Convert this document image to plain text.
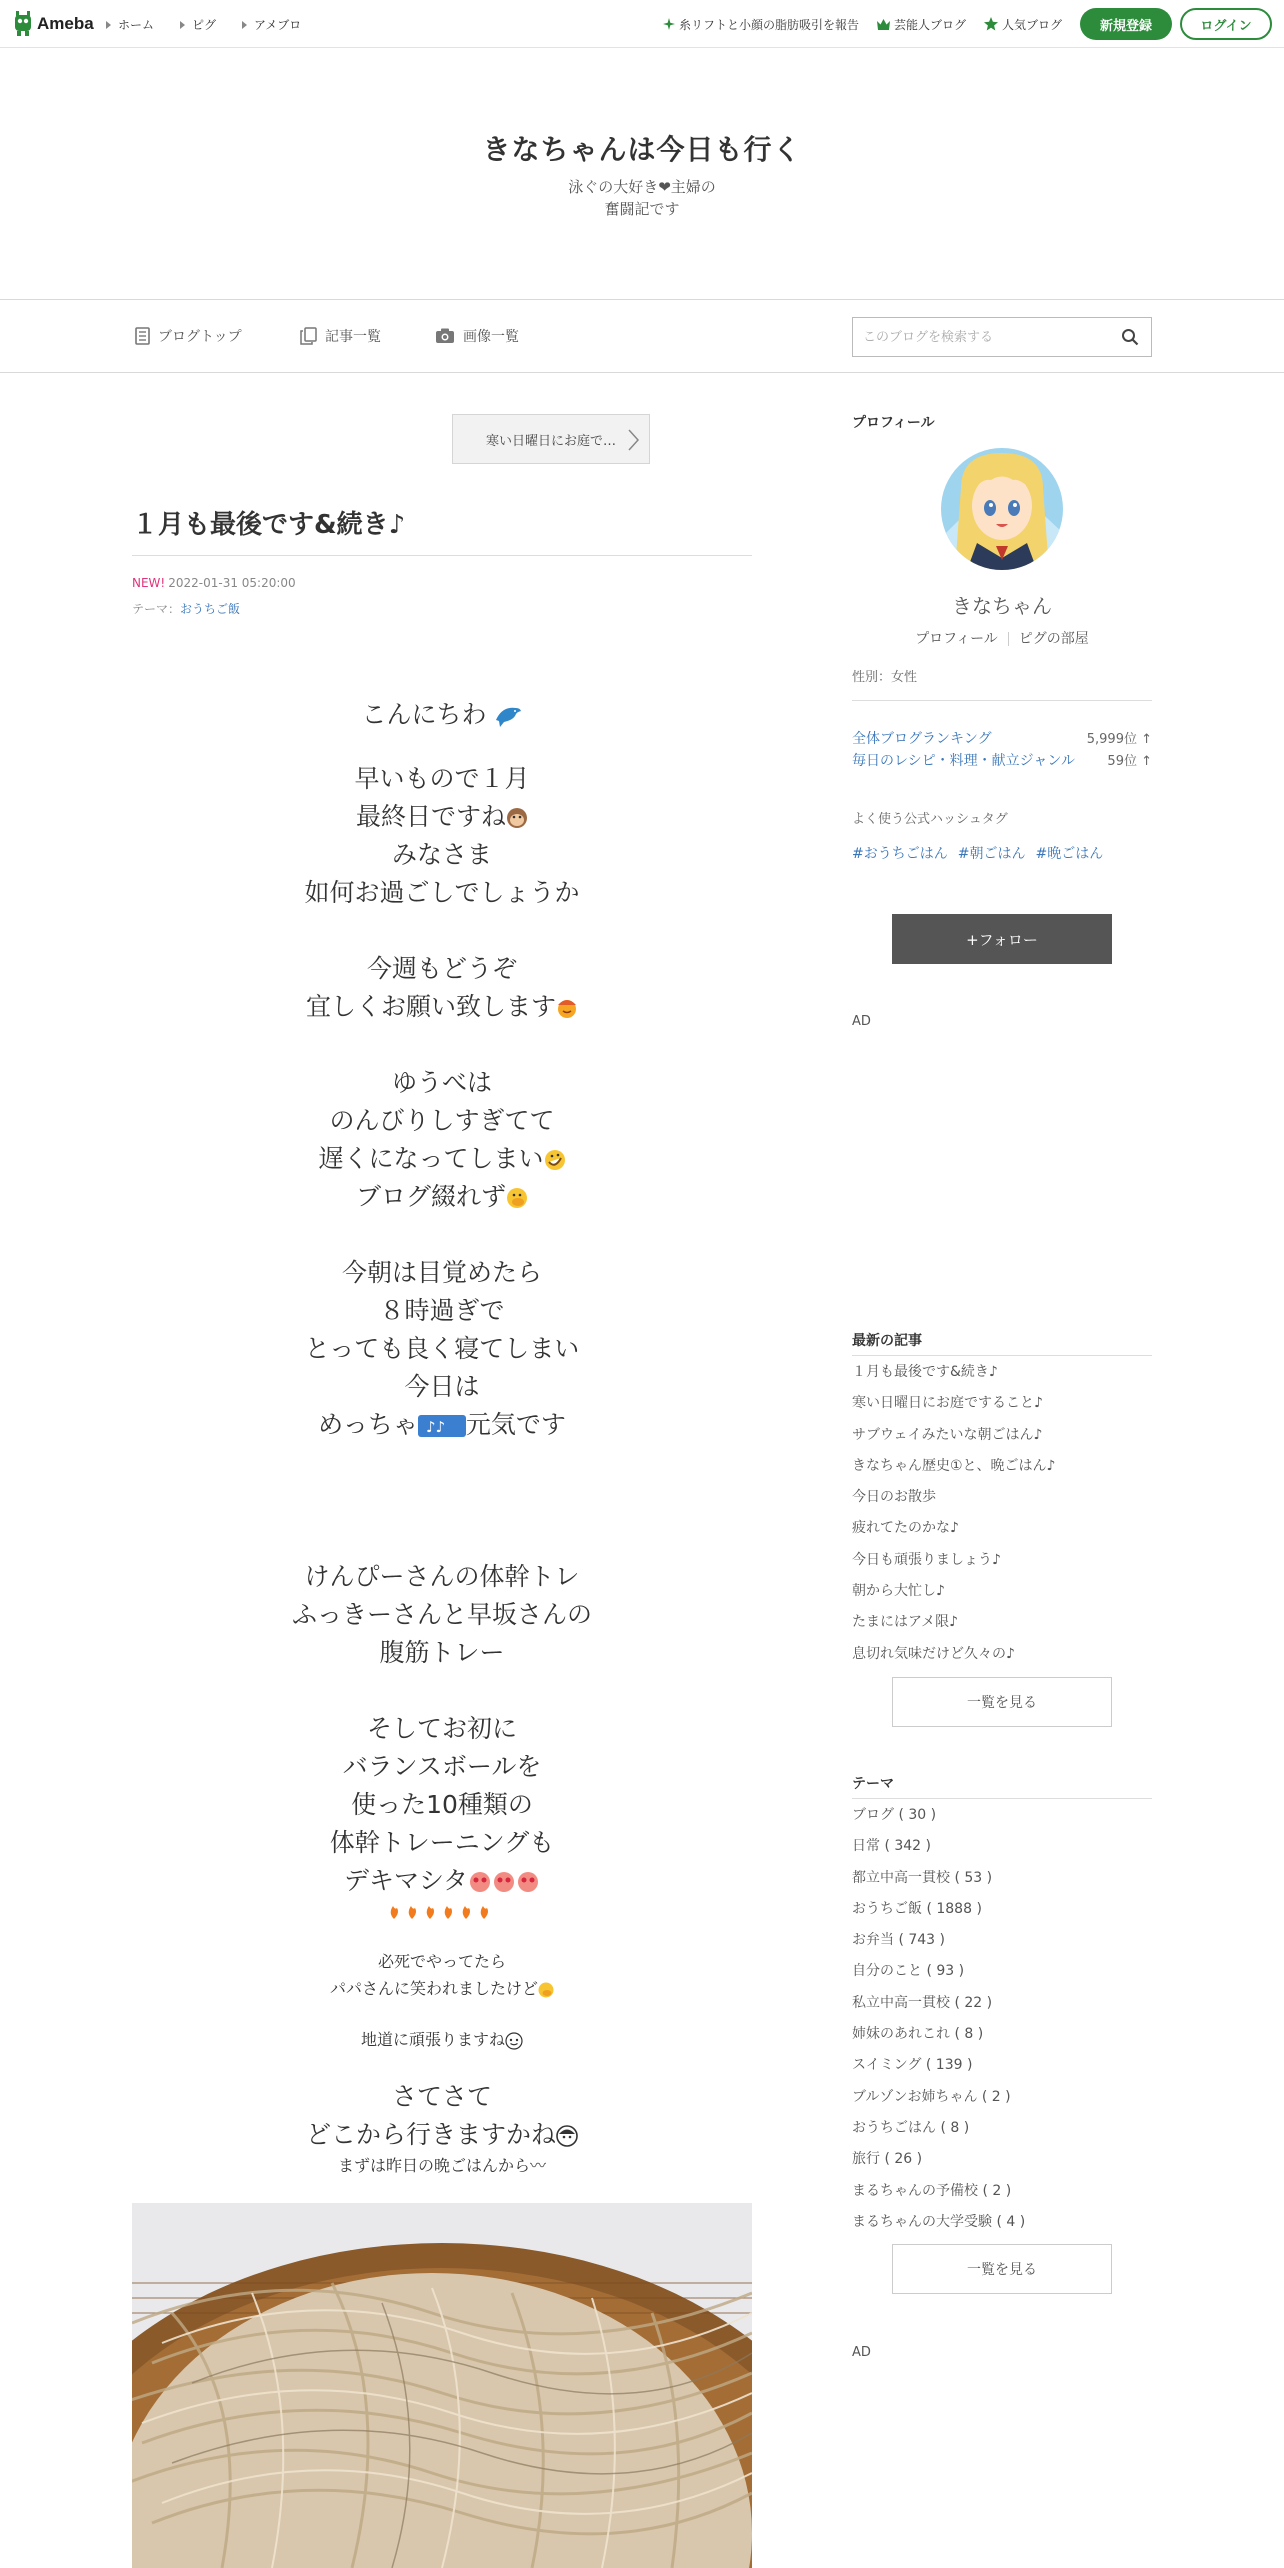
Ameba ホーム	ピグ	アメブロ	糸リフトと小顔の脂肪吸引を報告	芸能人ブログ	人気ブログ	新規登録	ログイン
きなちゃんは今日も行く
泳ぐの大好き❤︎主婦の
奮闘記です
ブログトップ	記事一覧	画像一覧
このブログを検索する
寒い日曜日にお庭で…
１月も最後です&続き♪
NEW! 2022-01-31 05:20:00
テーマ：おうちご飯
こんにちわ
早いもので１月
最終日ですね
みなさま
如何お過ごしでしょうか
今週もどうぞ
宜しくお願い致します
ゆうべは
のんびりしすぎてて
遅くになってしまい
ブログ綴れず
今朝は目覚めたら
８時過ぎで
とっても良く寝てしまい
今日は
めっちゃ ♪♪ 元気です
けんぴーさんの体幹トレ
ふっきーさんと早坂さんの
腹筋トレー
そしてお初に
バランスボールを
使った10種類の
体幹トレーニングも
デキマシタ
必死でやってたら
パパさんに笑われましたけど
地道に頑張りますね
さてさて
どこから行きますかね
まずは昨日の晩ごはんから〰
プロフィール
きなちゃん
プロフィール ピグの部屋
性別：女性
全体ブログランキング	5,999位 ↑
毎日のレシピ・料理・献立ジャンル 59位 ↑
よく使う公式ハッシュタグ
#おうちごはん #朝ごはん #晩ごはん
+フォロー
AD
最新の記事
１月も最後です&続き♪
寒い日曜日にお庭ですること♪
サブウェイみたいな朝ごはん♪
きなちゃん歴史①と、晩ごはん♪
今日のお散歩
疲れてたのかな♪
今日も頑張りましょう♪
朝から大忙し♪
たまにはアメ限♪
息切れ気味だけど久々の♪
一覧を見る
テーマ
ブログ ( 30 )
日常 ( 342 )
都立中高一貫校 ( 53 )
おうちご飯 ( 1888 )
お弁当 ( 743 )
自分のこと ( 93 )
私立中高一貫校 ( 22 )
姉妹のあれこれ ( 8 )
スイミング ( 139 )
ブルゾンお姉ちゃん ( 2 )
おうちごはん ( 8 )
旅行 ( 26 )
まるちゃんの予備校 ( 2 )
まるちゃんの大学受験 ( 4 )
一覧を見る
AD
